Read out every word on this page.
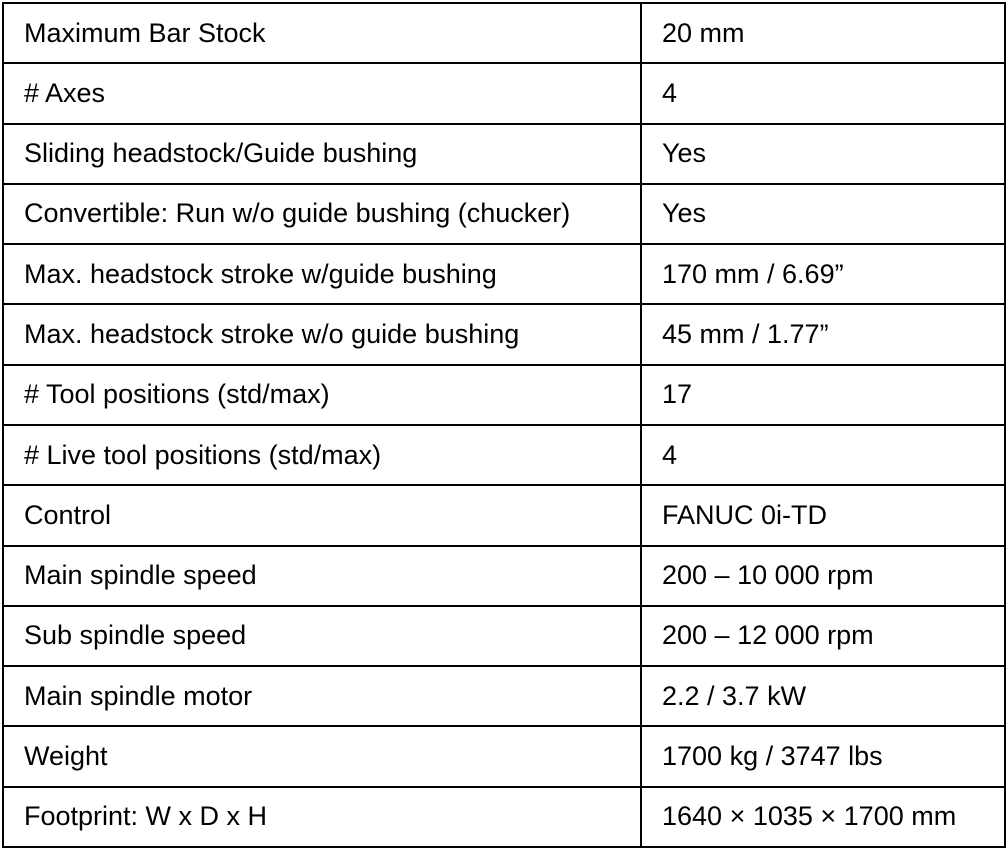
Maximum Bar Stock	20 mm
# Axes	4
Sliding headstock/Guide bushing	Yes
Convertible: Run w/o guide bushing (chucker)	Yes
Max. headstock stroke w/guide bushing	170 mm / 6.69”
Max. headstock stroke w/o guide bushing	45 mm / 1.77”
# Tool positions (std/max)	17
# Live tool positions (std/max)	4
Control	FANUC 0i-TD
Main spindle speed	200 – 10 000 rpm
Sub spindle speed	200 – 12 000 rpm
Main spindle motor	2.2 / 3.7 kW
Weight	1700 kg / 3747 lbs
Footprint: W x D x H	1640 × 1035 × 1700 mm
